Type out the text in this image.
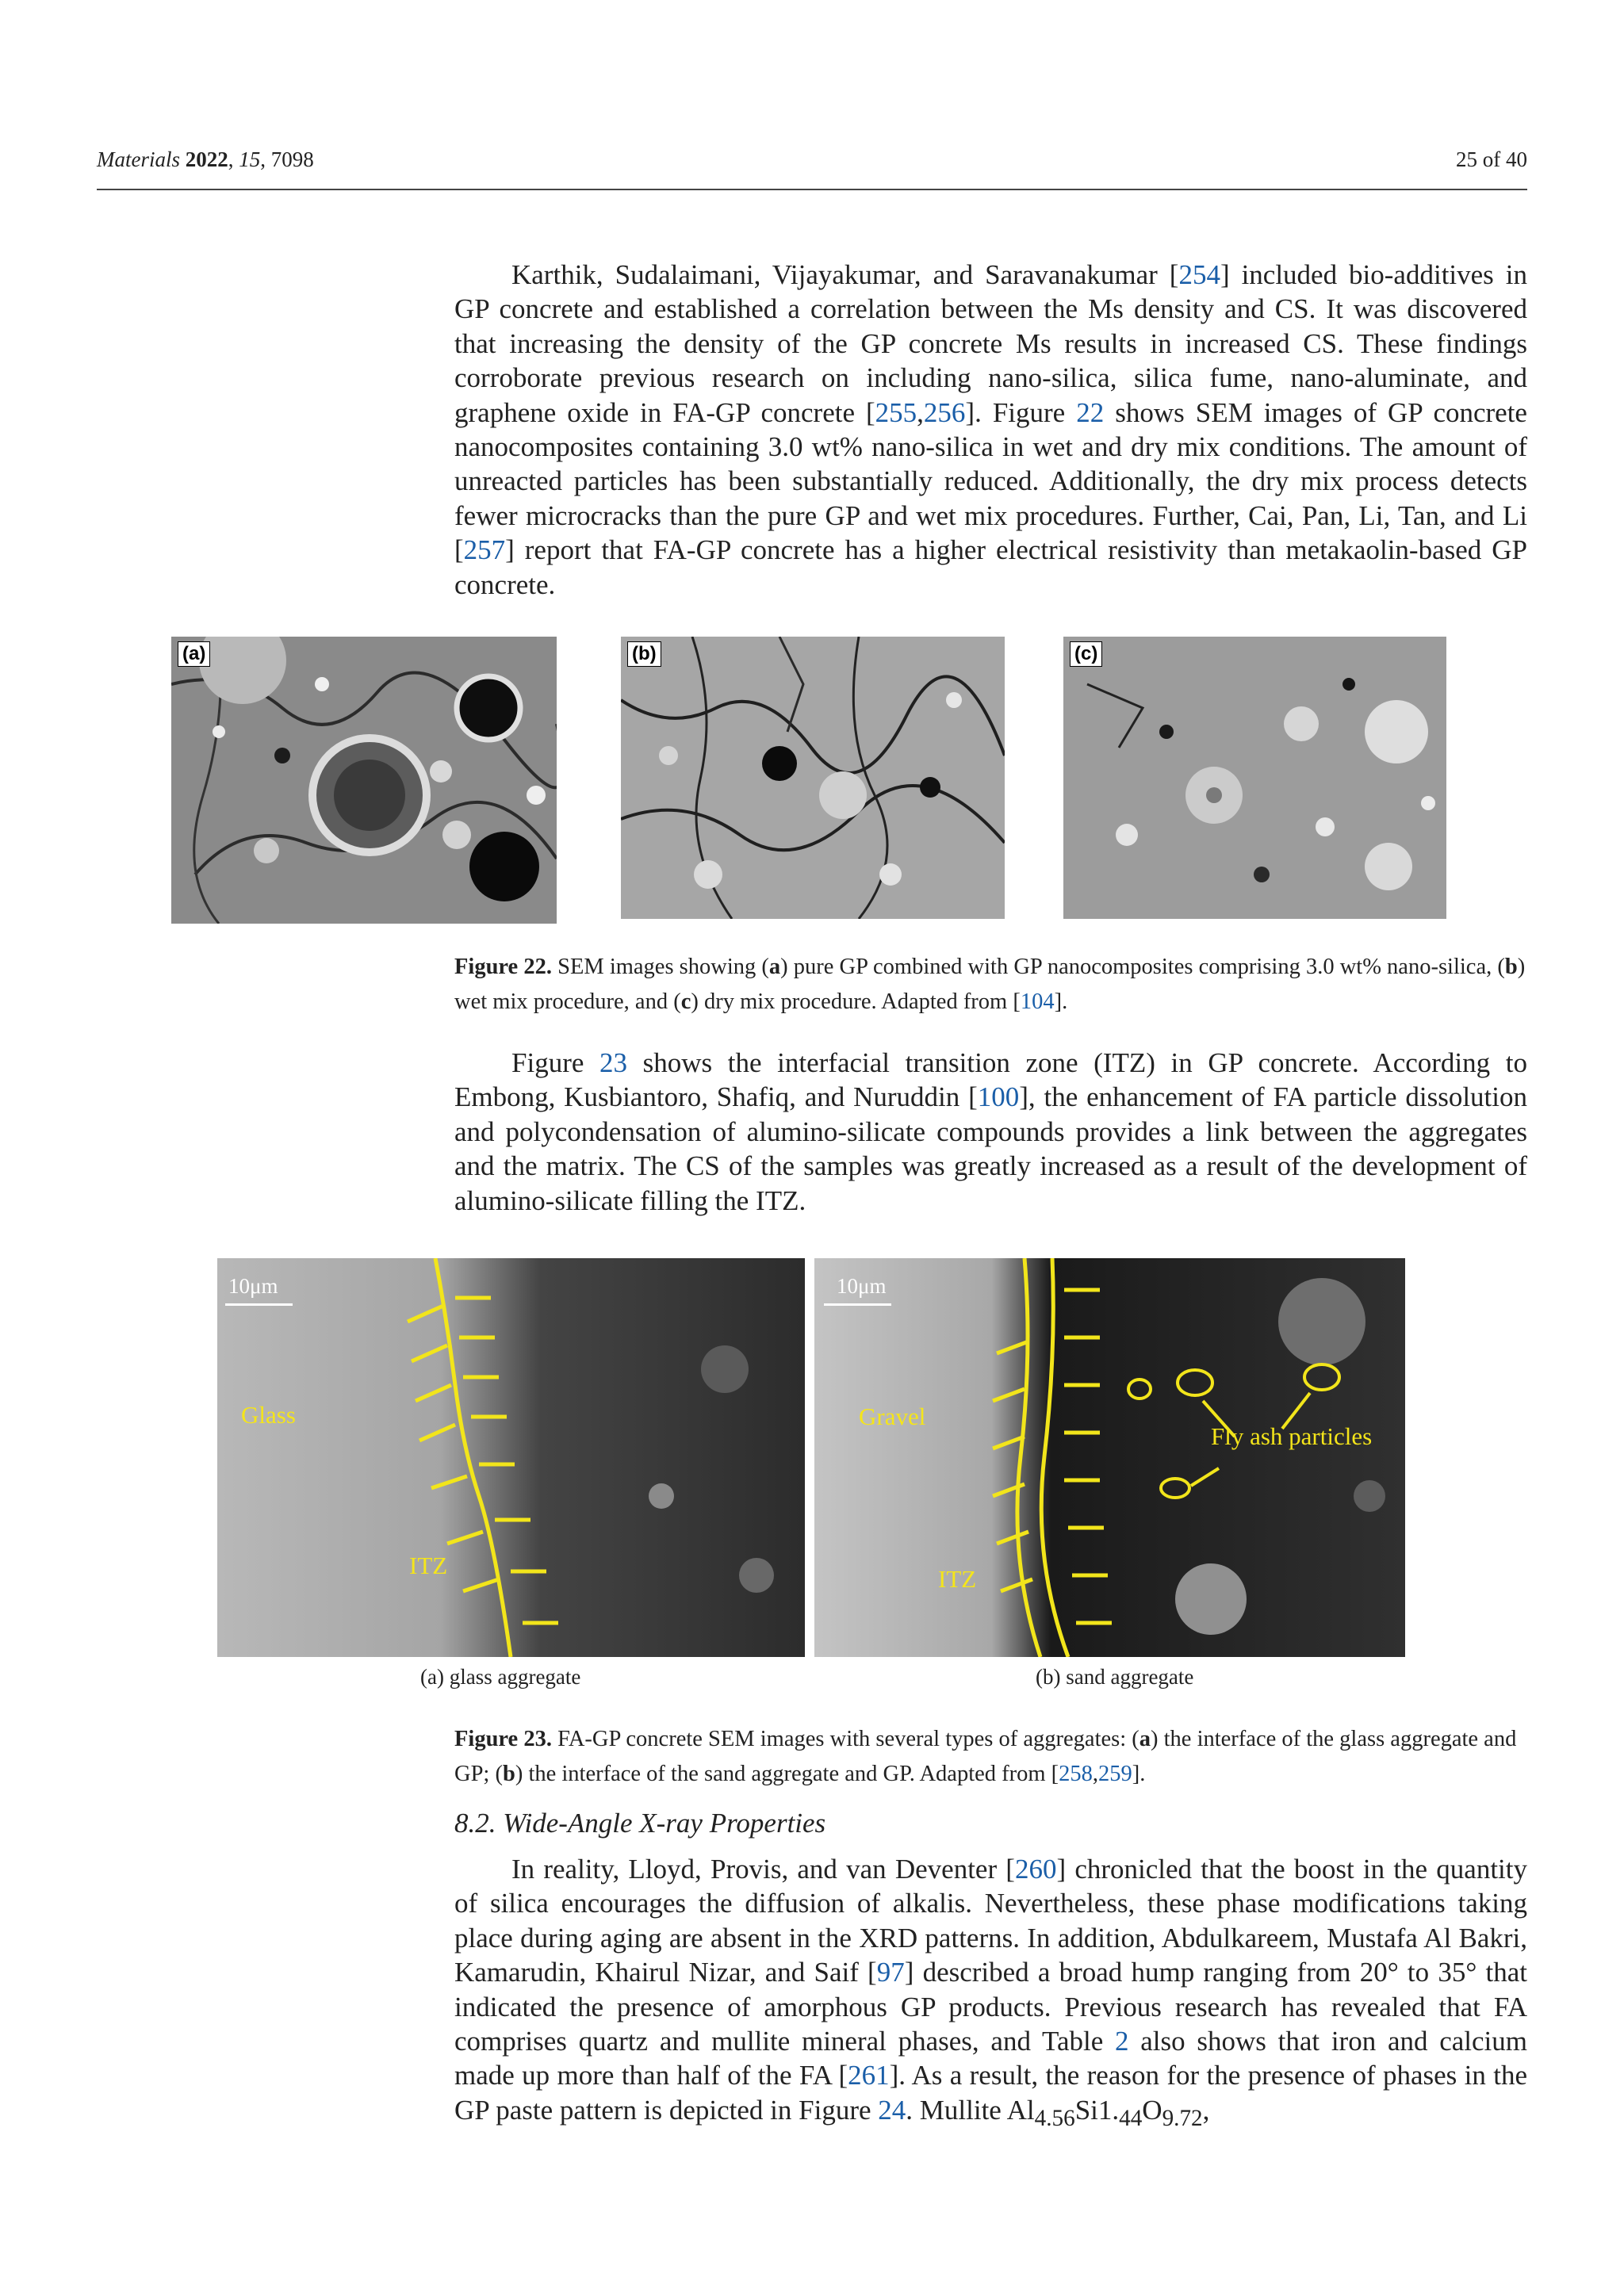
Materials 2022, 15, 7098	25 of 40

Karthik, Sudalaimani, Vijayakumar, and Saravanakumar [254] included bio-additives in GP concrete and established a correlation between the Ms density and CS. It was discovered that increasing the density of the GP concrete Ms results in increased CS. These findings corroborate previous research on including nano-silica, silica fume, nano-aluminate, and graphene oxide in FA-GP concrete [255,256]. Figure 22 shows SEM images of GP concrete nanocomposites containing 3.0 wt% nano-silica in wet and dry mix conditions. The amount of unreacted particles has been substantially reduced. Additionally, the dry mix process detects fewer microcracks than the pure GP and wet mix procedures. Further, Cai, Pan, Li, Tan, and Li [257] report that FA-GP concrete has a higher electrical resistivity than metakaolin-based GP concrete.

(a)	(b)	(c)

Figure 22. SEM images showing (a) pure GP combined with GP nanocomposites comprising 3.0 wt% nano-silica, (b) wet mix procedure, and (c) dry mix procedure. Adapted from [104].

Figure 23 shows the interfacial transition zone (ITZ) in GP concrete. According to Embong, Kusbiantoro, Shafiq, and Nuruddin [100], the enhancement of FA particle dissolution and polycondensation of alumino-silicate compounds provides a link between the aggregates and the matrix. The CS of the samples was greatly increased as a result of the development of alumino-silicate filling the ITZ.

10μm
Glass
ITZ
10μm
Gravel
Fly ash particles
ITZ
(a) glass aggregate	(b) sand aggregate

Figure 23. FA-GP concrete SEM images with several types of aggregates: (a) the interface of the glass aggregate and GP; (b) the interface of the sand aggregate and GP. Adapted from [258,259].

8.2. Wide-Angle X-ray Properties

In reality, Lloyd, Provis, and van Deventer [260] chronicled that the boost in the quantity of silica encourages the diffusion of alkalis. Nevertheless, these phase modifications taking place during aging are absent in the XRD patterns. In addition, Abdulkareem, Mustafa Al Bakri, Kamarudin, Khairul Nizar, and Saif [97] described a broad hump ranging from 20° to 35° that indicated the presence of amorphous GP products. Previous research has revealed that FA comprises quartz and mullite mineral phases, and Table 2 also shows that iron and calcium made up more than half of the FA [261]. As a result, the reason for the presence of phases in the GP paste pattern is depicted in Figure 24. Mullite $Al_{4.56}Si1._{44}O_{9.72}$,
